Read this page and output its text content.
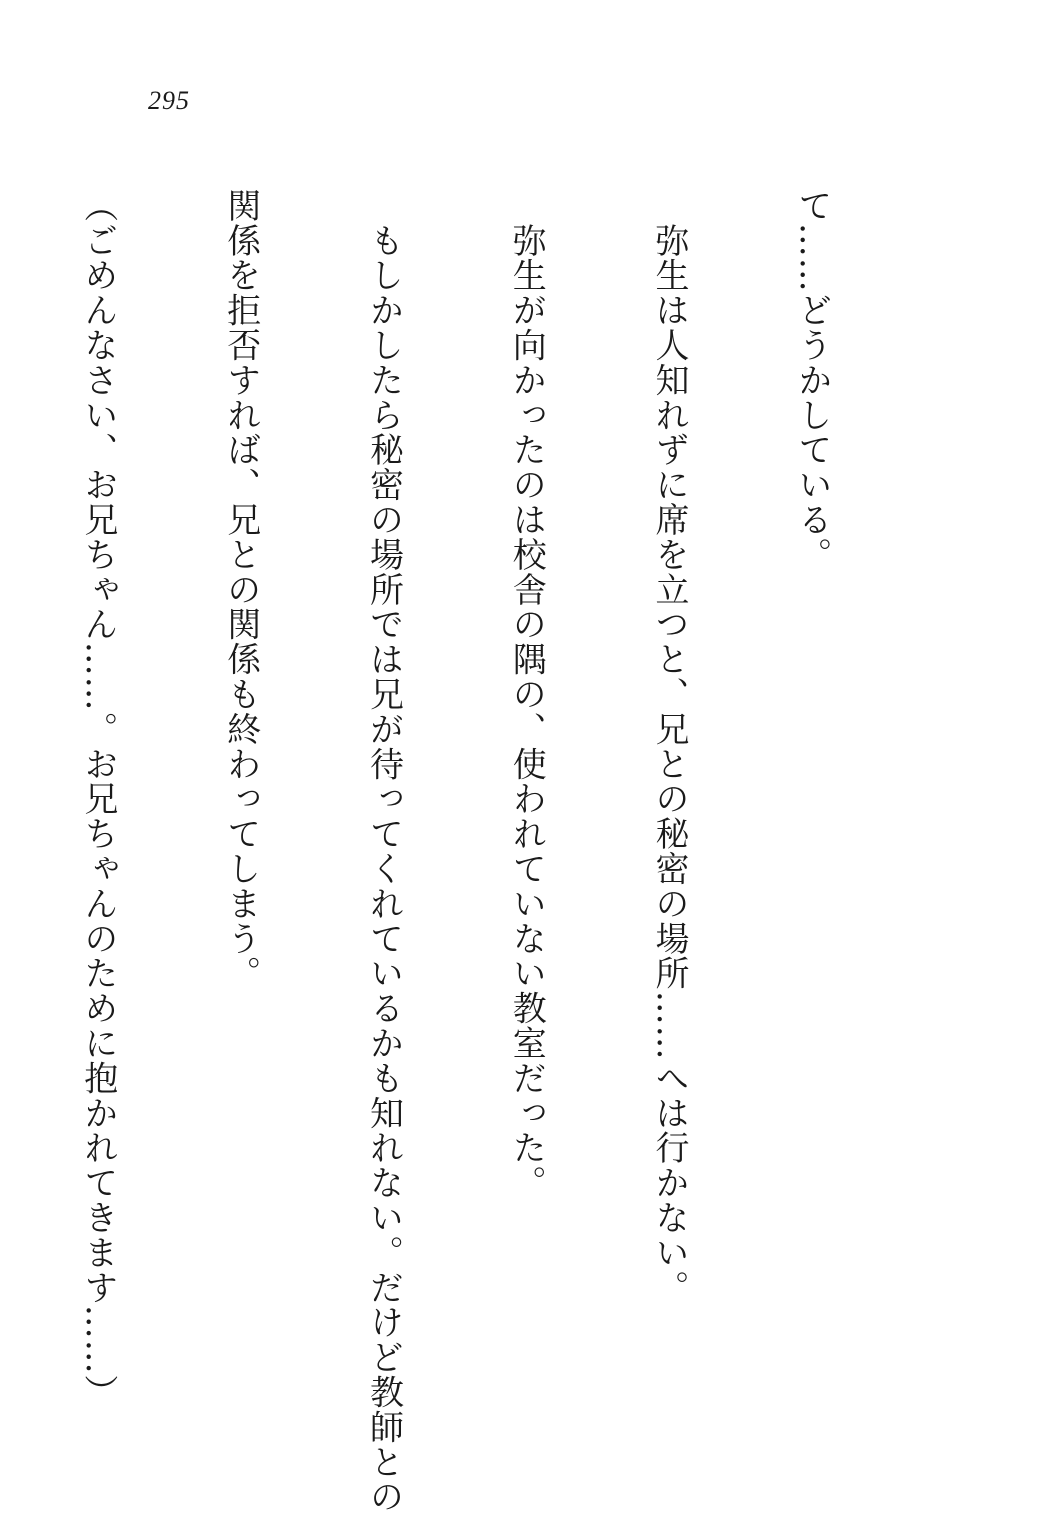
295

て……どうかしている。

　弥生は人知れずに席を立つと、兄との秘密の場所……へは行かない。

　弥生が向かったのは校舎の隅の、使われていない教室だった。

　もしかしたら秘密の場所では兄が待ってくれているかも知れない。だけど教師との

関係を拒否すれば、兄との関係も終わってしまう。

（ごめんなさい、お兄ちゃん……。お兄ちゃんのために抱かれてきます……）
